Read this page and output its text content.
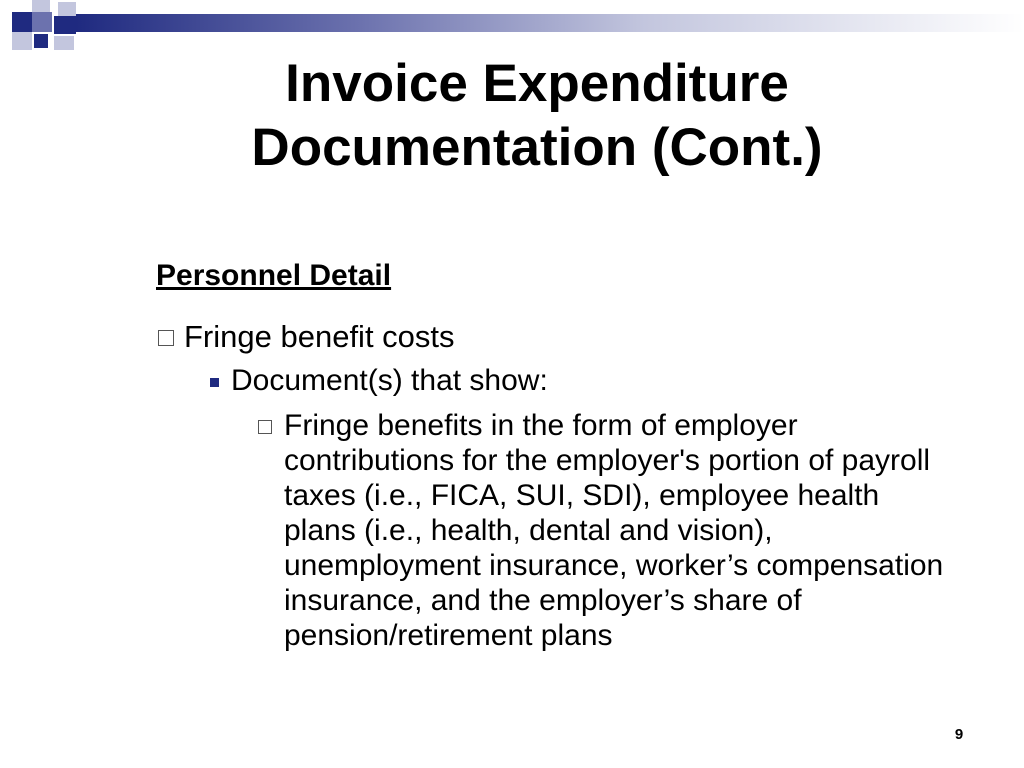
Invoice Expenditure
Documentation (Cont.)
Personnel Detail
Fringe benefit costs
Document(s) that show:
Fringe benefits in the form of employer contributions for the employer's portion of payroll taxes (i.e., FICA, SUI, SDI), employee health plans (i.e., health, dental and vision), unemployment insurance, worker’s compensation insurance, and the employer’s share of pension/retirement plans
9
